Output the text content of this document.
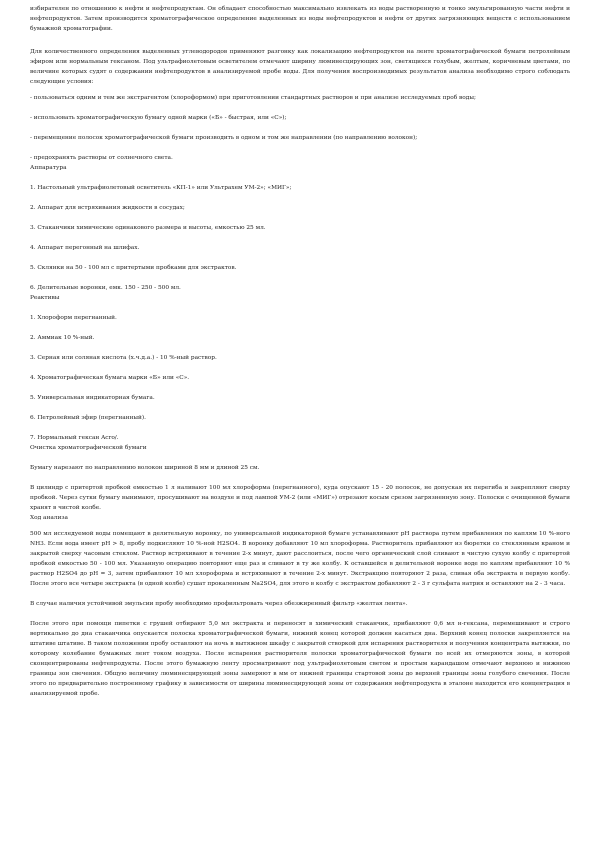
избирателен по отношению к нефти и нефтепродуктам. Он обладает способностью максимально извлекать из воды растворенную и тонко эмульгированную части нефти и нефтепродуктов. Затем производится хроматографическое определение выделенных из воды нефтепродуктов и нефти от других загрязняющих веществ с использованием бумажной хроматографии.

Для количественного определения выделенных углеводородов применяют разгонку как локализацию нефтепродуктов на ленте хроматографической бумаги петролейным эфиром или нормальным гексаном. Под ультрафиолетовым осветителем отмечают ширину люминесцирующих зон, светящихся голубым, желтым, коричневым цветами, по величине которых судят о содержании нефтепродуктов в анализируемой пробе воды. Для получения воспроизводимых результатов анализа необходимо строго соблюдать следующие условия:

- пользоваться одним и тем же экстрагентом (хлороформом) при приготовлении стандартных растворов и при анализе исследуемых проб воды;

- использовать хроматографическую бумагу одной марки («Б» - быстрая, или «С»);

- перемещение полосок хроматографической бумаги производить в одном и том же направлении (по направлению волокон);

- предохранять растворы от солнечного света.

Аппаратура

1. Настольный ультрафиолетовый осветитель «КП-1» или Ультрахем УМ-2»; «МИГ»;

2. Аппарат для встряхивания жидкости в сосудах;

3. Стаканчики химические одинакового размера и высоты, емкостью 25 мл.

4. Аппарат перегонный на шлифах.

5. Склянки на 50 - 100 мл с притертыми пробками для экстрактов.

6. Делительные воронки, емк. 150 - 250 - 500 мл.

Реактивы

1. Хлороформ перегнанный.

2. Аммиак 10 %-ный.

3. Серная или соляная кислота (х.ч.д.а.) - 10 %-ный раствор.

4. Хроматографическая бумага марки «Б» или «С».

5. Универсальная индикаторная бумага.

6. Петролейный эфир (перегнанный).

7. Нормальный гексан Acro/.

Очистка хроматографической бумаги

Бумагу нарезают по направлению волокон шириной 8 мм и длиной 25 см.

В цилиндр с притертой пробкой емкостью 1 л наливают 100 мл хлороформа (перегнанного), куда опускают 15 - 20 полосок, не допуская их перегиба и закрепляют сверху пробкой. Через сутки бумагу вынимают, просушивают на воздухе и под лампой УМ-2 (или «МИГ») отрезают косым срезом загрязненную зону. Полоски с очищенной бумаги хранят в чистой колбе.

Ход анализа

500 мл исследуемой воды помещают в делительную воронку, по универсальной индикаторной бумаге устанавливают pH раствора путем прибавления по каплям 10 %-ного NH3. Если вода имеет pH > 8, пробу подкисляют 10 %-ной H2SO4. В воронку добавляют 10 мл хлороформа. Растворитель прибавляют из бюретки со стеклянным краном и закрытой сверху часовым стеклом. Раствор встряхивают в течение 2-х минут, дают расслоиться, после чего органический слой сливают в чистую сухую колбу с притертой пробкой емкостью 50 - 100 мл. Указанную операцию повторяют еще раз и сливают в ту же колбу. К оставшейся в делительной воронке воде по каплям прибавляют 10 % раствор H2SO4 до pH = 3, затем прибавляют 10 мл хлороформа и встряхивают в течение 2-х минут. Экстракцию повторяют 2 раза, сливая оба экстракта в первую колбу. После этого все четыре экстракта (в одной колбе) сушат прокаленным Na2SO4, для этого в колбу с экстрактом добавляют 2 - 3 г сульфата натрия и оставляют на 2 - 3 часа.

В случае наличия устойчивой эмульсии пробу необходимо профильтровать через обезжиренный фильтр «желтая лента».

После этого при помощи пипетки с грушей отбирают 5,0 мл экстракта и переносят в химический стаканчик, прибавляют 0,6 мл н-гексана, перемешивают и строго вертикально до дна стаканчика опускается полоска хроматографической бумаги, нижний конец которой должен касаться дна. Верхний конец полоски закрепляется на штативе штативе. В таком положении пробу оставляют на ночь в вытяжном шкафу с закрытой створкой для испарения растворителя и получения концентрата вытяжки, по которому колебание бумажных лент током воздуха. После испарения растворителя полоски хроматографической бумаги по всей их отмеряются зоны, в которой сконцентрированы нефтепродукты. После этого бумажную ленту просматривают под ультрафиолетовым светом и простым карандашом отмечают верхнюю и нижнюю границы зон свечения. Общую величину люминесцирующей зоны замеряют в мм от нижней границы стартовой зоны до верхней границы зоны голубого свечения. После этого по предварительно построенному графику в зависимости от ширины люминесцирующей зоны от содержания нефтепродукта в эталоне находится его концентрация в анализируемой пробе.
